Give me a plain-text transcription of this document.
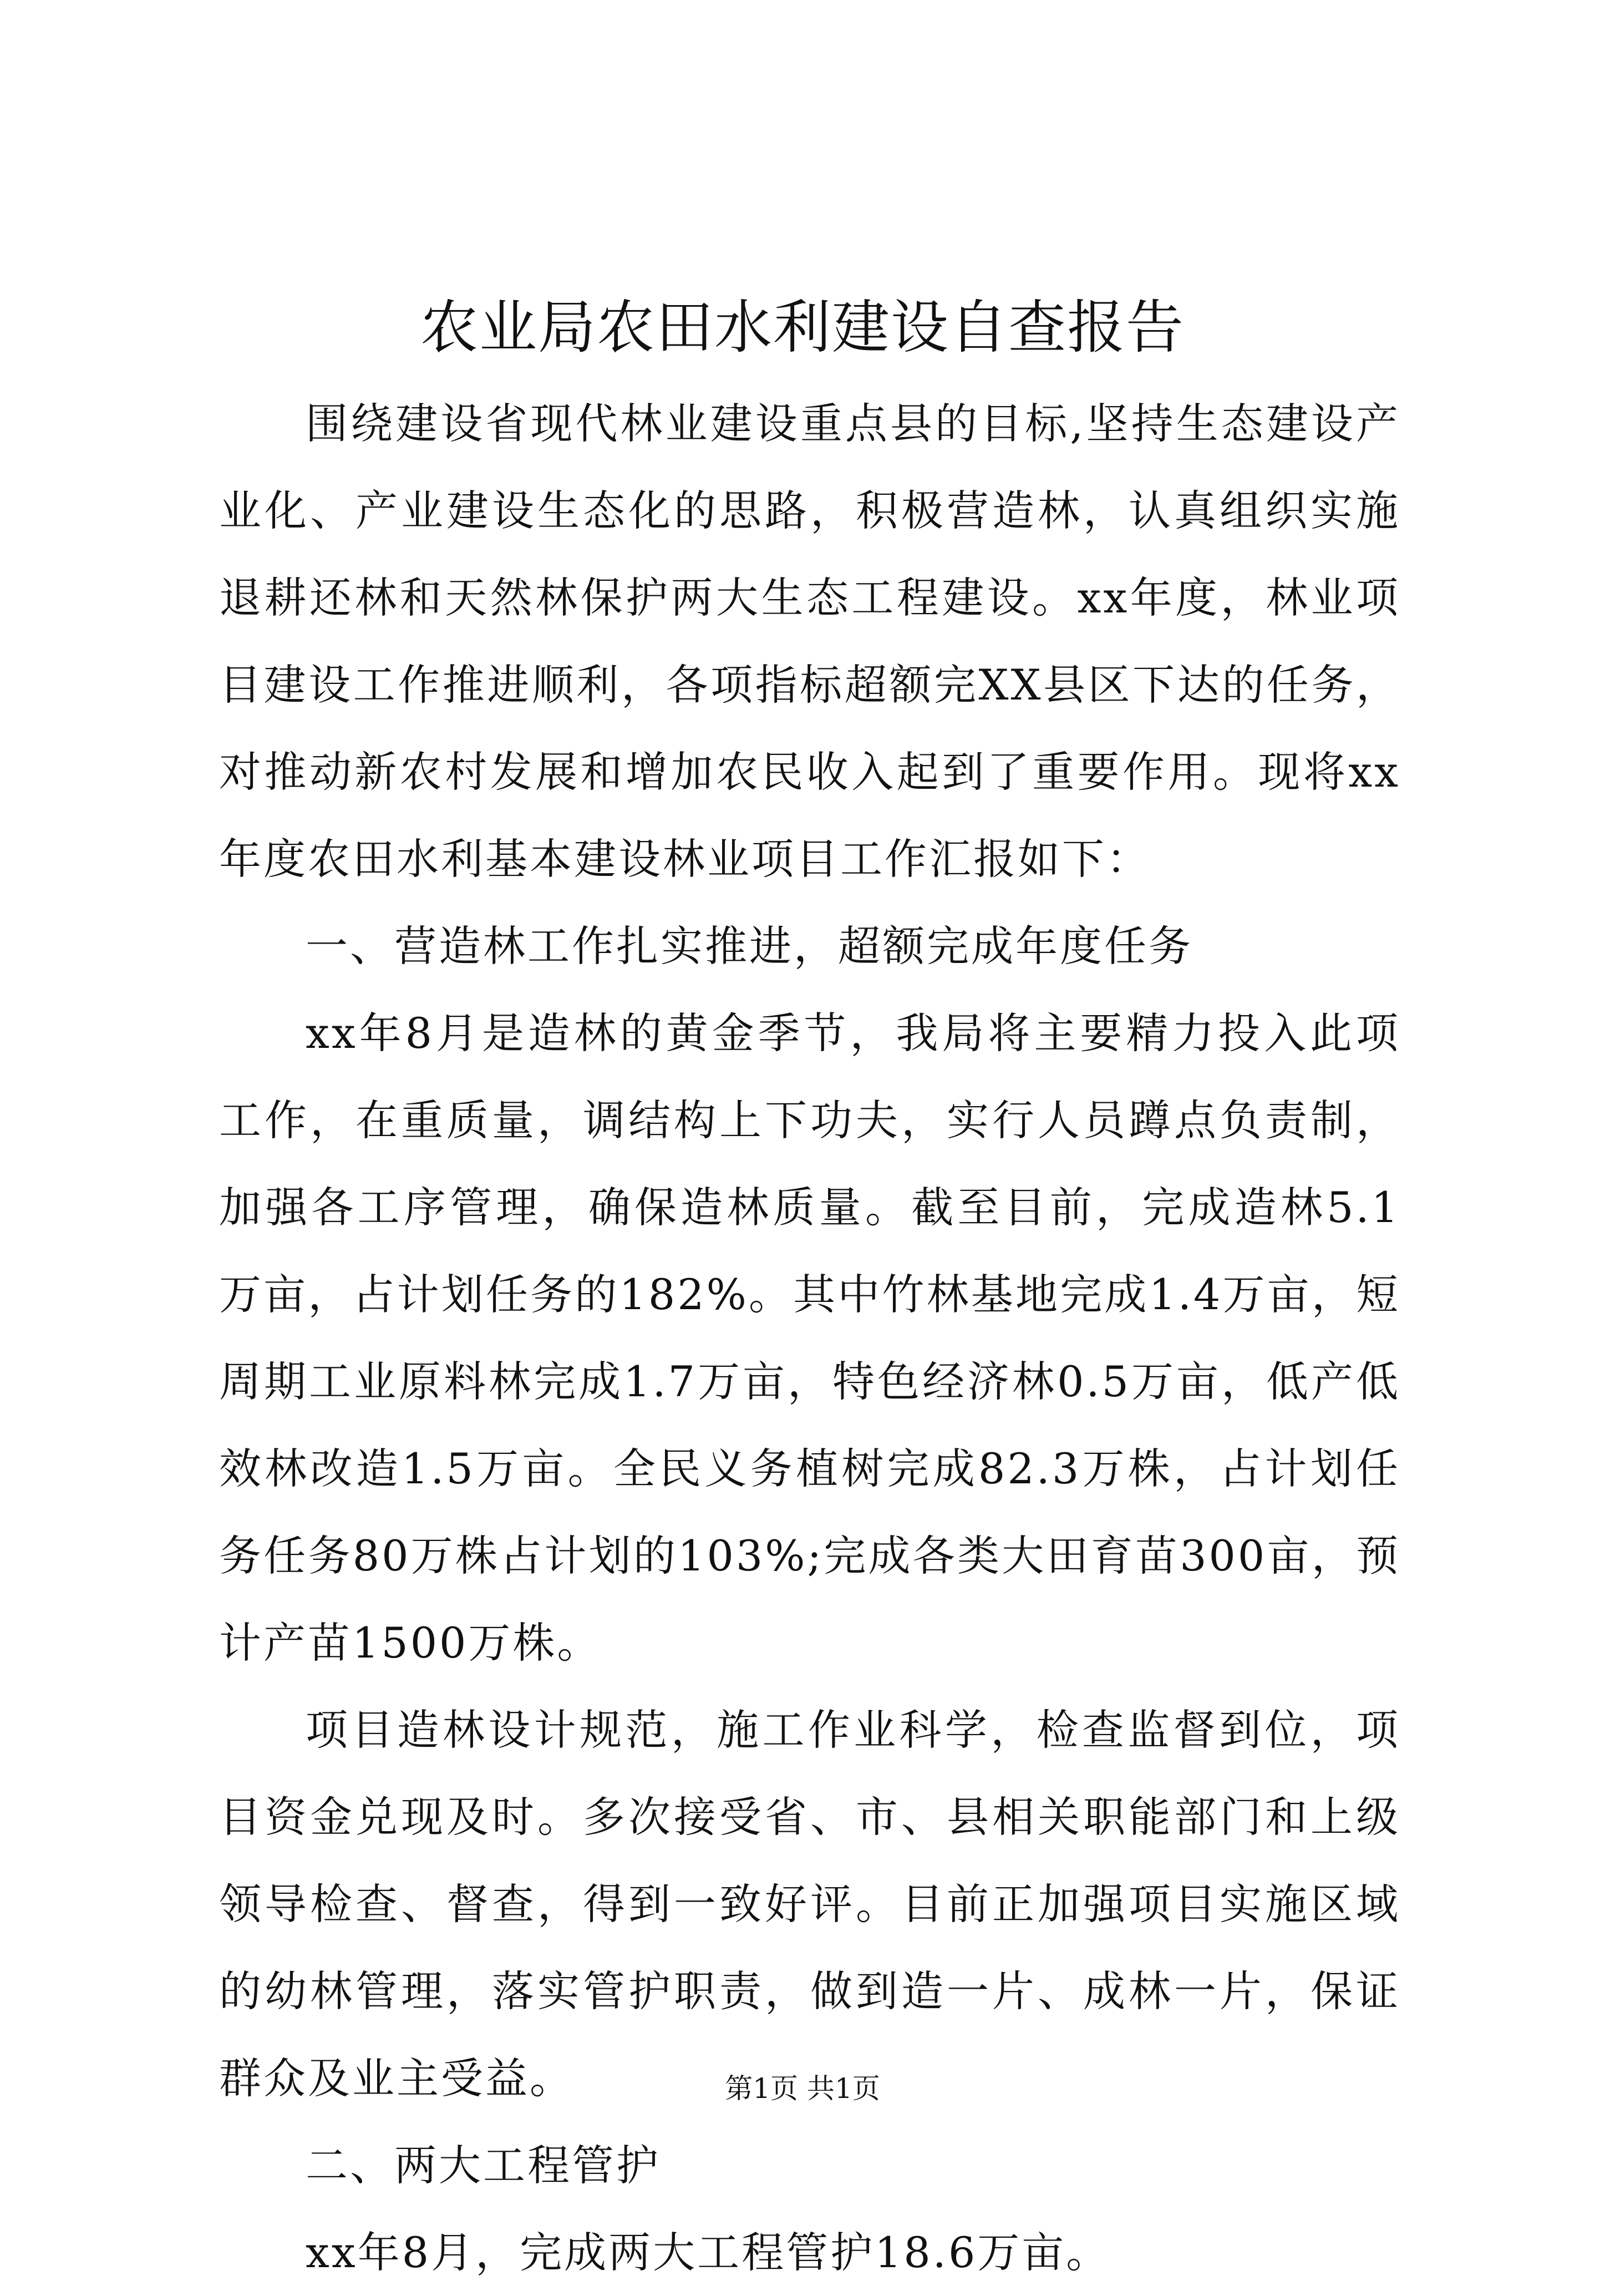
农业局农田水利建设自查报告

围绕建设省现代林业建设重点县的目标,坚持生态建设产业化、产业建设生态化的思路，积极营造林，认真组织实施退耕还林和天然林保护两大生态工程建设。xx年度，林业项目建设工作推进顺利，各项指标超额完XX县区下达的任务，对推动新农村发展和增加农民收入起到了重要作用。现将xx年度农田水利基本建设林业项目工作汇报如下：

一、营造林工作扎实推进，超额完成年度任务

xx年8月是造林的黄金季节，我局将主要精力投入此项工作，在重质量，调结构上下功夫，实行人员蹲点负责制，加强各工序管理，确保造林质量。截至目前，完成造林5.1万亩，占计划任务的182%。其中竹林基地完成1.4万亩，短周期工业原料林完成1.7万亩，特色经济林0.5万亩，低产低效林改造1.5万亩。全民义务植树完成82.3万株，占计划任务任务80万株占计划的103%;完成各类大田育苗300亩，预计产苗1500万株。

项目造林设计规范，施工作业科学，检查监督到位，项目资金兑现及时。多次接受省、市、县相关职能部门和上级领导检查、督查，得到一致好评。目前正加强项目实施区域的幼林管理，落实管护职责，做到造一片、成林一片，保证群众及业主受益。

二、两大工程管护

xx年8月，完成两大工程管护18.6万亩。

第1页 共1页
